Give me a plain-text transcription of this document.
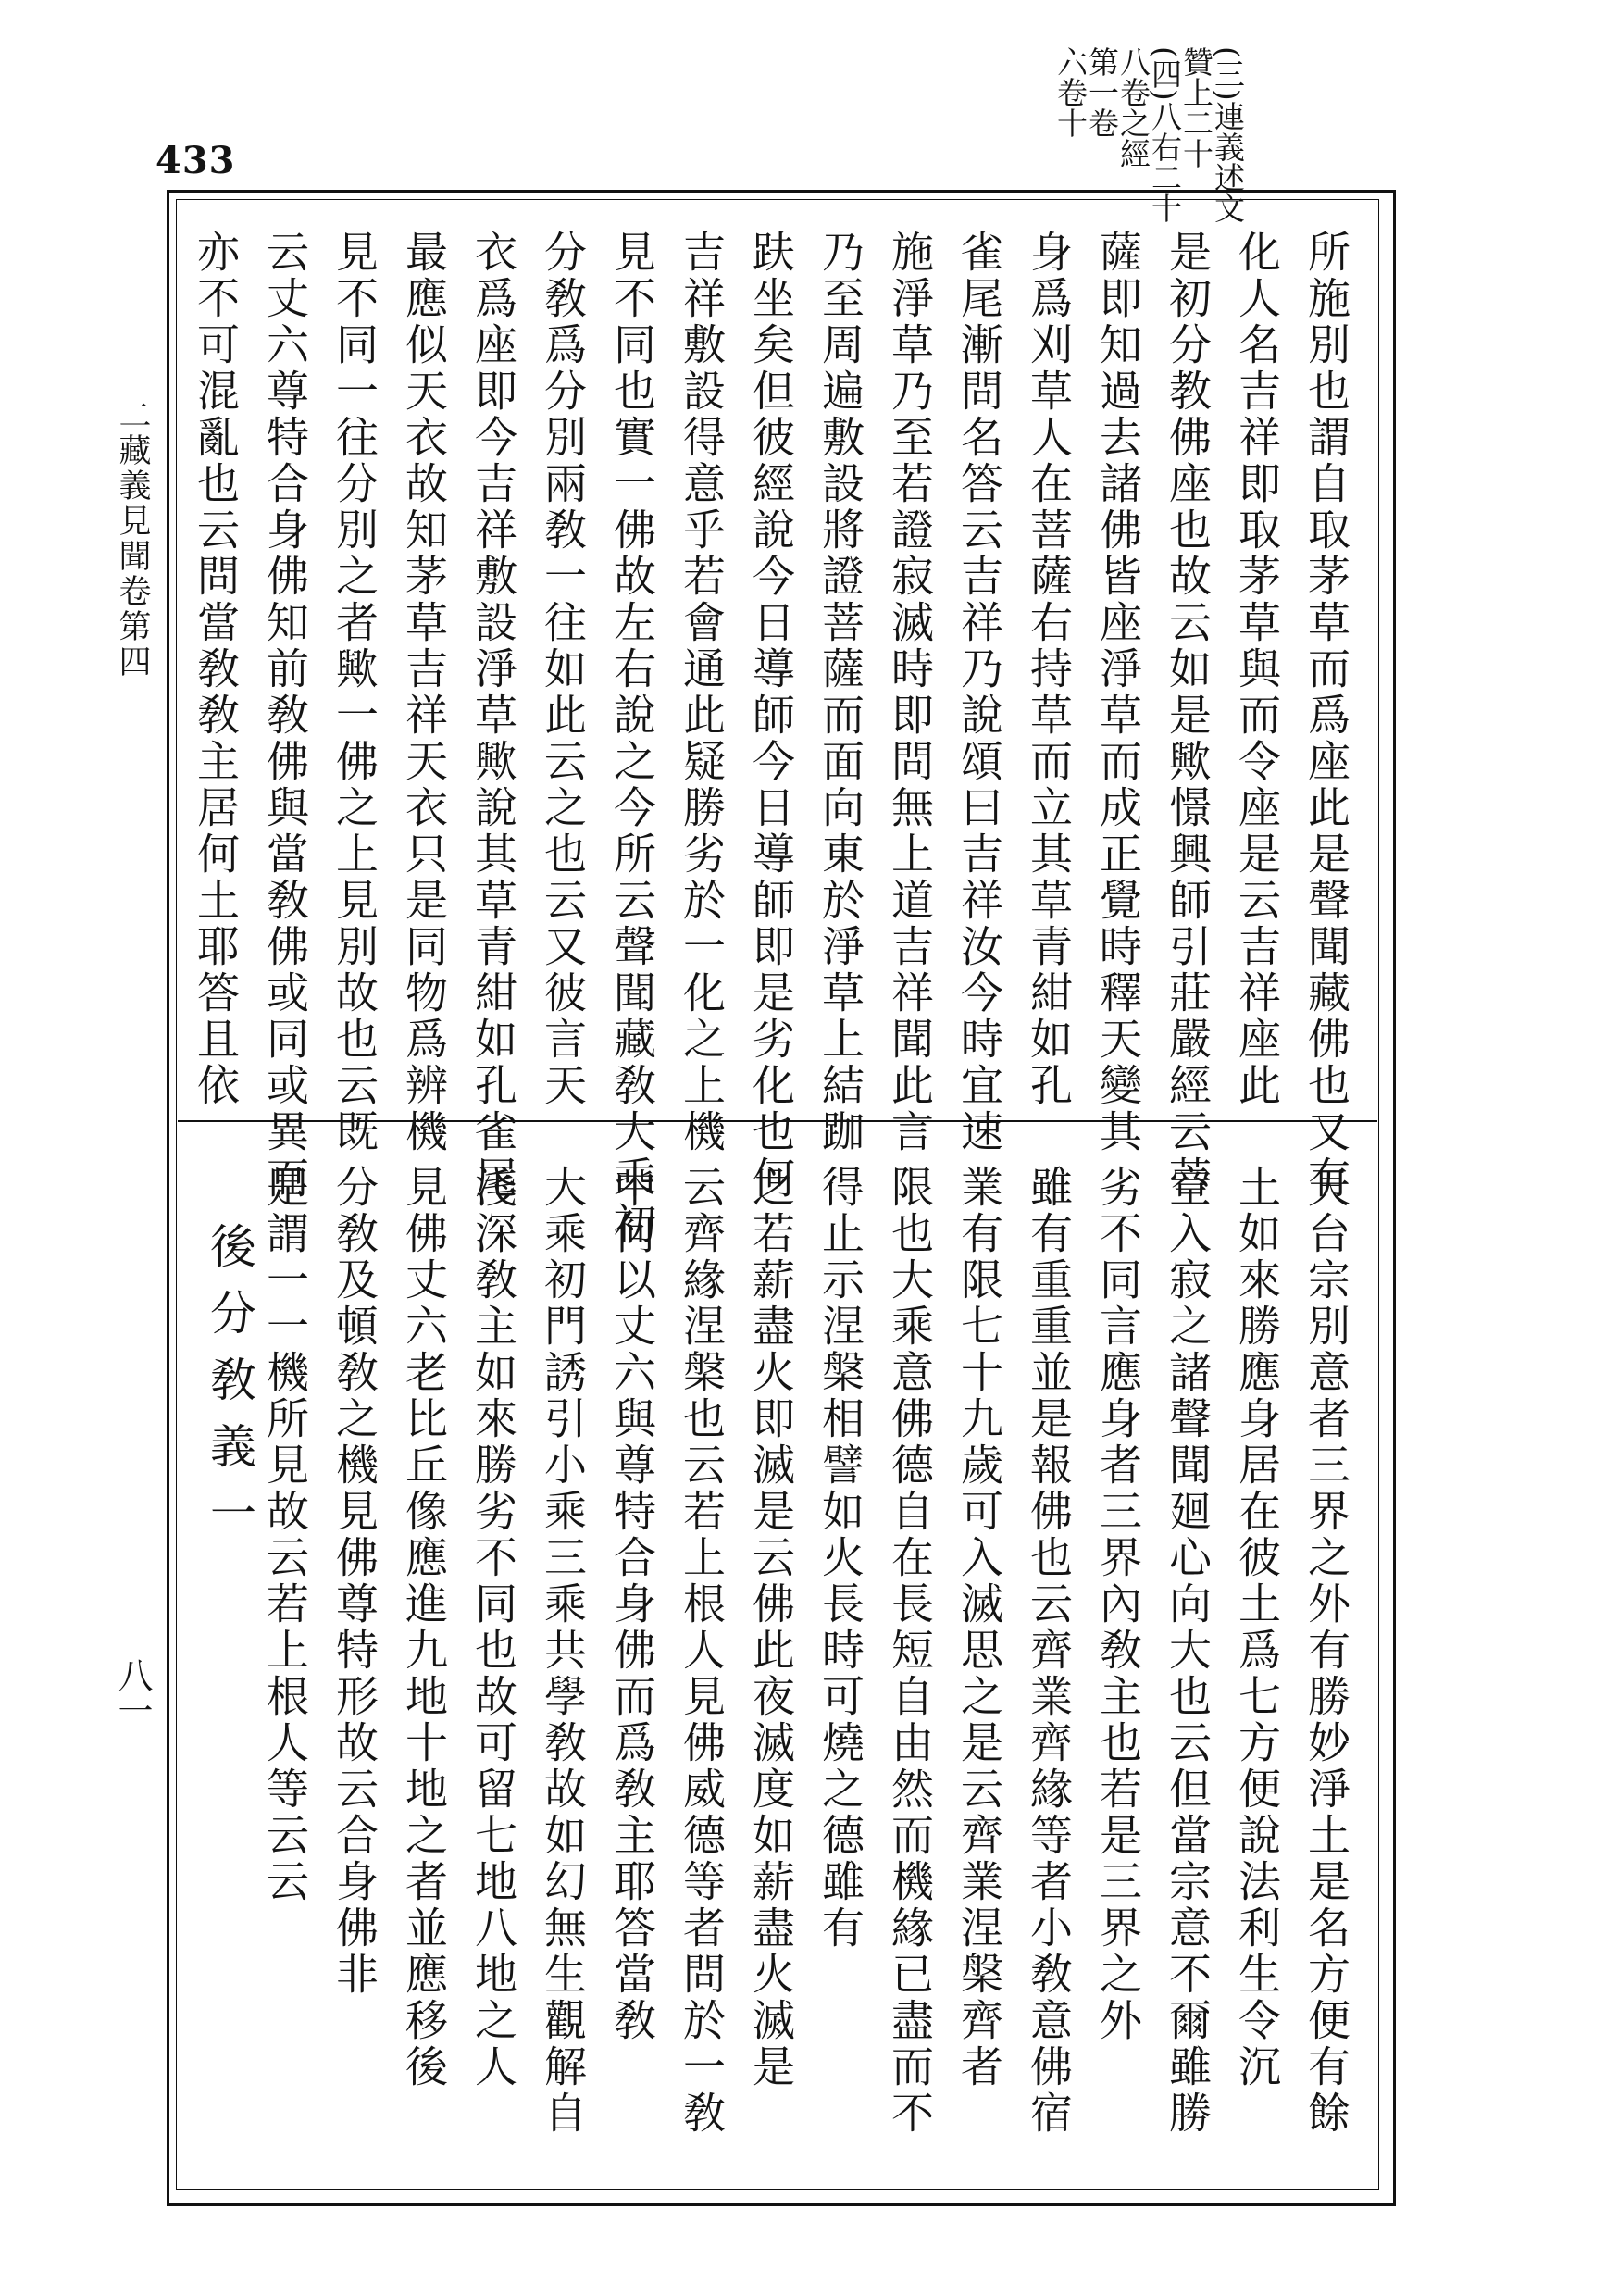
433	(三)連義述文
贊上二十
(四)八右二十
八卷之經
第一卷
六卷十
二藏義見聞卷第四
八一
所施別也謂自取茅草而爲座此是聲聞藏佛也又有
化人名吉祥即取茅草與而令座是云吉祥座此
是初分教佛座也故云如是歟憬興師引莊嚴經云菩
薩即知過去諸佛皆座淨草而成正覺時釋天變其
身爲刈草人在菩薩右持草而立其草青紺如孔
雀尾漸問名答云吉祥乃說頌曰吉祥汝今時宜速
施淨草乃至若證寂滅時即問無上道吉祥聞此言
乃至周遍敷設將證菩薩而面向東於淨草上結跏
趺坐矣但彼經說今日導師今日導師即是劣化也何
吉祥敷設得意乎若會通此疑勝劣於一化之上機
見不同也實一佛故左右說之今所云聲聞藏敎大乘初
分敎爲分別兩敎一往如此云之也云又彼言天
衣爲座即今吉祥敷設淨草歟說其草青紺如孔雀尾
最應似天衣故知茅草吉祥天衣只是同物爲辨機
見不同一往分別之者歟一佛之上見別故也云既
云丈六尊特合身佛知前敎佛與當敎佛或同或異而
亦不可混亂也云問當敎敎主居何土耶答且依
天台宗別意者三界之外有勝妙淨土是名方便有餘
土如來勝應身居在彼土爲七方便說法利生令沉
空入寂之諸聲聞廻心向大也云但當宗意不爾雖勝
劣不同言應身者三界內敎主也若是三界之外
雖有重重並是報佛也云齊業齊緣等者小敎意佛宿
業有限七十九歲可入滅思之是云齊業涅槃齊者
限也大乘意佛德自在長短自由然而機緣已盡而不
得止示涅槃相譬如火長時可燒之德雖有
之若薪盡火即滅是云佛此夜滅度如薪盡火滅是
云齊緣涅槃也云若上根人見佛威德等者問於一敎
中何以丈六與尊特合身佛而爲敎主耶答當敎
大乘初門誘引小乘三乘共學敎故如幻無生觀解自
淺深敎主如來勝劣不同也故可留七地八地之人
見佛丈六老比丘像應進九地十地之者並應移後
分敎及頓敎之機見佛尊特形故云合身佛非
是謂一一機所見故云若上根人等云云
後分敎義一
